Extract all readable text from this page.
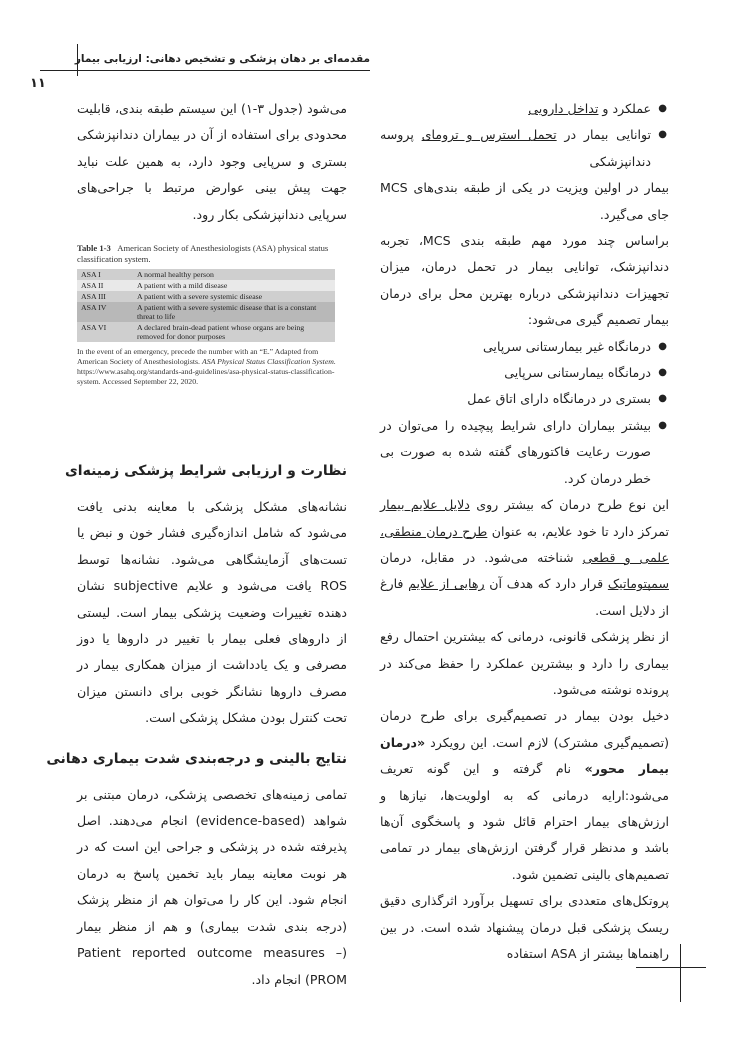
مقدمه‌ای بر دهان پزشکی و تشخیص دهانی: ارزیابی بیمار
۱۱
● عملکرد و تداخل دارویی
● توانایی بیمار در تحمل استرس و ترومای پروسه دندانپزشکی

بیمار در اولین ویزیت در یکی از طبقه بندی‌های MCS جای می‌گیرد.

براساس چند مورد مهم طبقه بندی MCS، تجربه دندانپزشک، توانایی بیمار در تحمل درمان، میزان تجهیزات دندانپزشکی درباره بهترین محل برای درمان بیمار تصمیم گیری می‌شود:

● درمانگاه غیر بیمارستانی سرپایی
● درمانگاه بیمارستانی سرپایی
● بستری در درمانگاه دارای اتاق عمل
● بیشتر بیماران دارای شرایط پیچیده را می‌توان در صورت رعایت فاکتورهای گفته شده به صورت بی خطر درمان کرد.

این نوع طرح درمان که بیشتر روی دلایل علایم بیمار تمرکز دارد تا خود علایم، به عنوان طرح درمان منطقی، علمی و قطعی شناخته می‌شود. در مقابل، درمان سمپتوماتیک قرار دارد که هدف آن رهایی از علایم فارغ از دلایل است.

از نظر پزشکی قانونی، درمانی که بیشترین احتمال رفع بیماری را دارد و بیشترین عملکرد را حفظ می‌کند در پرونده نوشته می‌شود.

دخیل بودن بیمار در تصمیم‌گیری برای طرح درمان (تصمیم‌گیری مشترک) لازم است. این رویکرد «درمان بیمار محور» نام گرفته و این گونه تعریف می‌شود:ارایه درمانی که به اولویت‌ها، نیازها و ارزش‌های بیمار احترام قائل شود و پاسخگوی آن‌ها باشد و مدنظر قرار گرفتن ارزش‌های بیمار در تمامی تصمیم‌های بالینی تضمین شود.

پروتکل‌های متعددی برای تسهیل برآورد اثرگذاری دقیق ریسک پزشکی قبل درمان پیشنهاد شده است. در بین راهنماها بیشتر از ASA استفاده

می‌شود (جدول ۳-۱) این سیستم طبقه بندی، قابلیت محدودی برای استفاده از آن در بیماران دندانپزشکی بستری و سرپایی وجود دارد، به همین علت نباید جهت پیش بینی عوارض مرتبط با جراحی‌های سرپایی دندانپزشکی بکار رود.

Table 1-3 American Society of Anesthesiologists (ASA) physical status classification system.
ASA I	A normal healthy person
ASA II	A patient with a mild disease
ASA III	A patient with a severe systemic disease
ASA IV	A patient with a severe systemic disease that is a constant threat to life
ASA VI	A declared brain-dead patient whose organs are being removed for donor purposes
In the event of an emergency, precede the number with an “E.” Adapted from American Society of Anesthesiologists. ASA Physical Status Classification System. https://www.asahq.org/standards-and-guidelines/asa-physical-status-classification-system. Accessed September 22, 2020.
نظارت و ارزیابی شرایط پزشکی زمینه‌ای

نشانه‌های مشکل پزشکی با معاینه بدنی یافت می‌شود که شامل اندازه‌گیری فشار خون و نبض یا تست‌های آزمایشگاهی می‌شود. نشانه‌ها توسط ROS یافت می‌شود و علایم subjective نشان دهنده تغییرات وضعیت پزشکی بیمار است. لیستی از داروهای فعلی بیمار با تغییر در داروها یا دوز مصرفی و یک یادداشت از میزان همکاری بیمار در مصرف داروها نشانگر خوبی برای دانستن میزان تحت کنترل بودن مشکل پزشکی است.

نتایج بالینی و درجه‌بندی شدت بیماری دهانی

تمامی زمینه‌های تخصصی پزشکی، درمان مبتنی بر شواهد (evidence-based) انجام می‌دهند. اصل پذیرفته شده در پزشکی و جراحی این است که در هر نوبت معاینه بیمار باید تخمین پاسخ به درمان انجام شود. این کار را می‌توان هم از منظر پزشک (درجه بندی شدت بیماری) و هم از منظر بیمار (Patient reported outcome measures – PROM) انجام داد.
